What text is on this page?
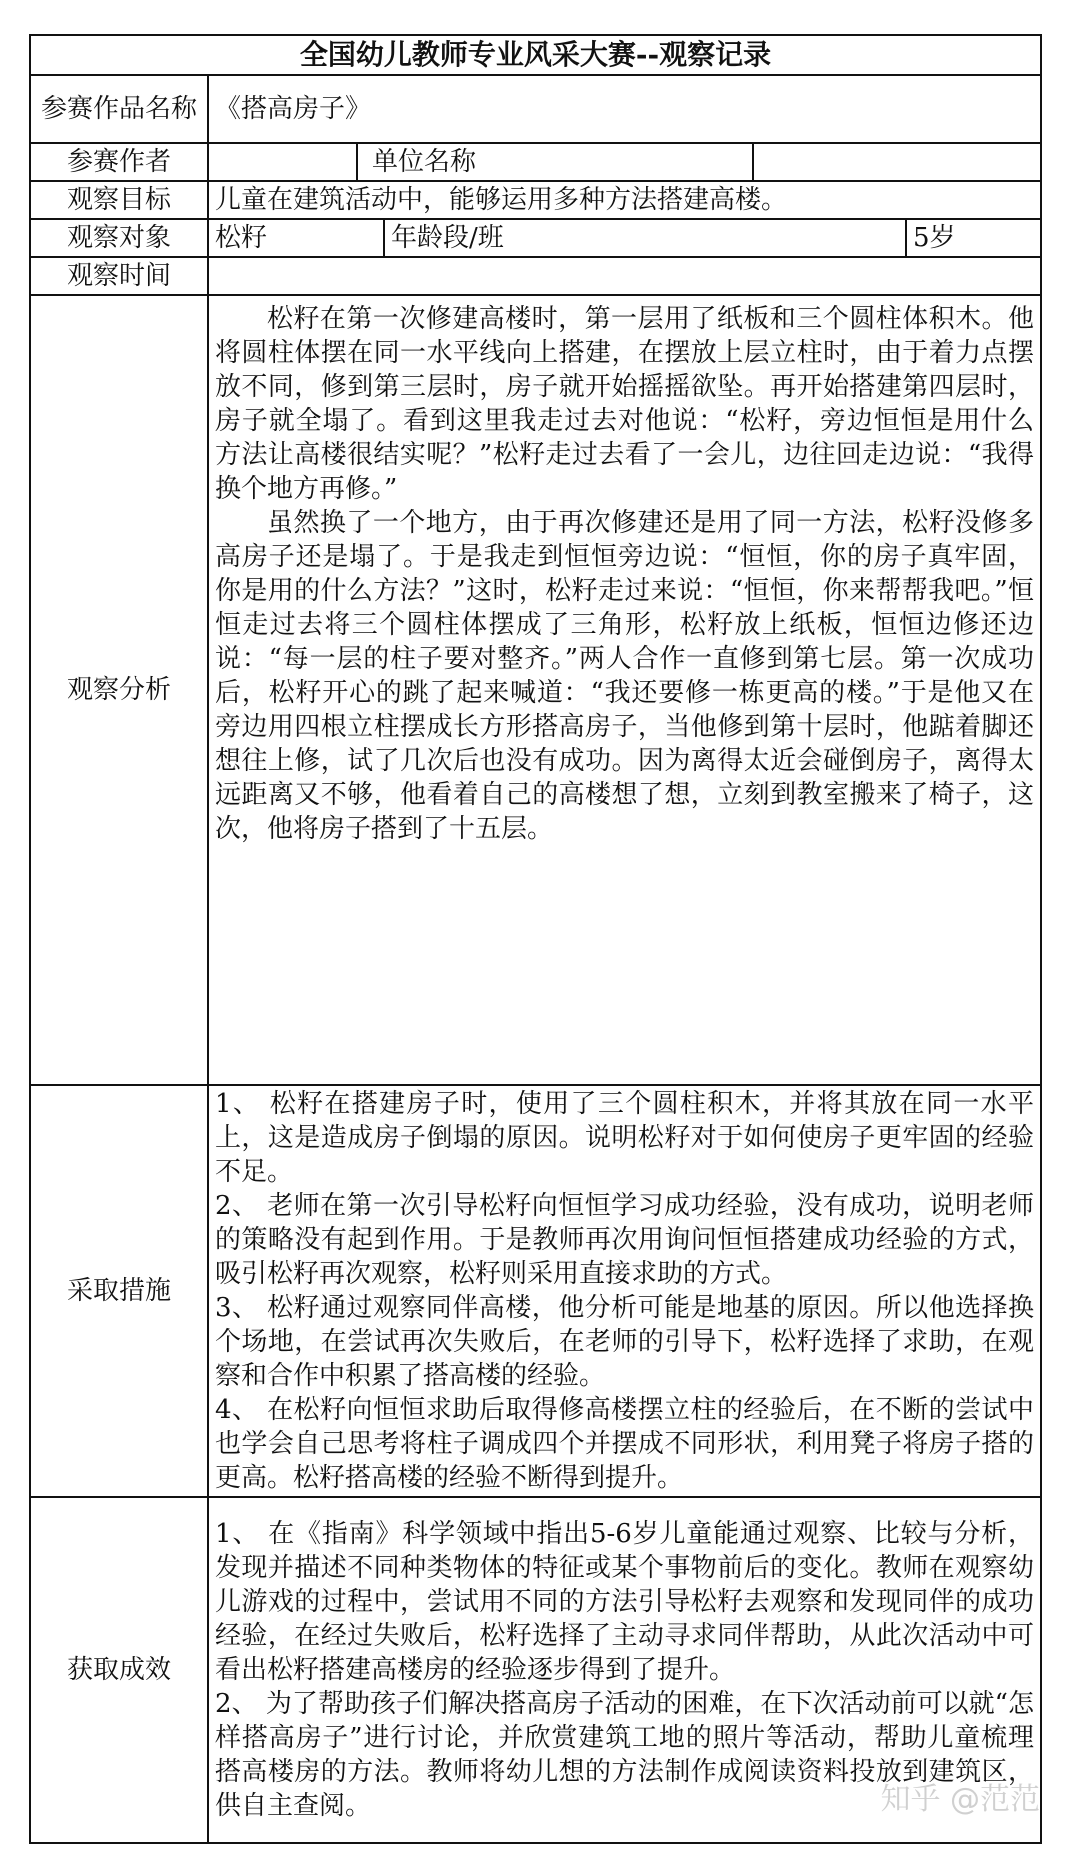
全国幼儿教师专业风采大赛--观察记录					
参赛作品名称	《搭高房子》				
参赛作者		单位名称			
观察目标	儿童在建筑活动中，能够运用多种方法搭建高楼。				
观察对象	松籽		年龄段/班		5岁
观察时间					
观察分析	松籽在第一次修建高楼时，第一层用了纸板和三个圆柱体积木。他将圆柱体摆在同一水平线向上搭建，在摆放上层立柱时，由于着力点摆放不同，修到第三层时，房子就开始摇摇欲坠。再开始搭建第四层时，房子就全塌了。看到这里我走过去对他说：“松籽，旁边恒恒是用什么方法让高楼很结实呢？”松籽走过去看了一会儿，边往回走边说：“我得换个地方再修。”

虽然换了一个地方，由于再次修建还是用了同一方法，松籽没修多高房子还是塌了。于是我走到恒恒旁边说：“恒恒，你的房子真牢固，你是用的什么方法？”这时，松籽走过来说：“恒恒，你来帮帮我吧。”恒恒走过去将三个圆柱体摆成了三角形，松籽放上纸板，恒恒边修还边说：“每一层的柱子要对整齐。”两人合作一直修到第七层。第一次成功后，松籽开心的跳了起来喊道：“我还要修一栋更高的楼。”于是他又在旁边用四根立柱摆成长方形搭高房子，当他修到第十层时，他踮着脚还想往上修，试了几次后也没有成功。因为离得太近会碰倒房子，离得太远距离又不够，他看着自己的高楼想了想，立刻到教室搬来了椅子，这次，他将房子搭到了十五层。				

采取措施	1、 松籽在搭建房子时，使用了三个圆柱积木，并将其放在同一水平上，这是造成房子倒塌的原因。说明松籽对于如何使房子更牢固的经验不足。

2、 老师在第一次引导松籽向恒恒学习成功经验，没有成功，说明老师的策略没有起到作用。于是教师再次用询问恒恒搭建成功经验的方式，吸引松籽再次观察，松籽则采用直接求助的方式。

3、 松籽通过观察同伴高楼，他分析可能是地基的原因。所以他选择换个场地，在尝试再次失败后，在老师的引导下，松籽选择了求助，在观察和合作中积累了搭高楼的经验。

4、 在松籽向恒恒求助后取得修高楼摆立柱的经验后，在不断的尝试中也学会自己思考将柱子调成四个并摆成不同形状，利用凳子将房子搭的更高。松籽搭高楼的经验不断得到提升。				

获取成效	1、 在《指南》科学领域中指出5-6岁儿童能通过观察、比较与分析，发现并描述不同种类物体的特征或某个事物前后的变化。教师在观察幼儿游戏的过程中，尝试用不同的方法引导松籽去观察和发现同伴的成功经验，在经过失败后，松籽选择了主动寻求同伴帮助，从此次活动中可看出松籽搭建高楼房的经验逐步得到了提升。

2、 为了帮助孩子们解决搭高房子活动的困难，在下次活动前可以就“怎样搭高房子”进行讨论，并欣赏建筑工地的照片等活动，帮助儿童梳理搭高楼房的方法。教师将幼儿想的方法制作成阅读资料投放到建筑区，供自主查阅。					知乎 @范范
